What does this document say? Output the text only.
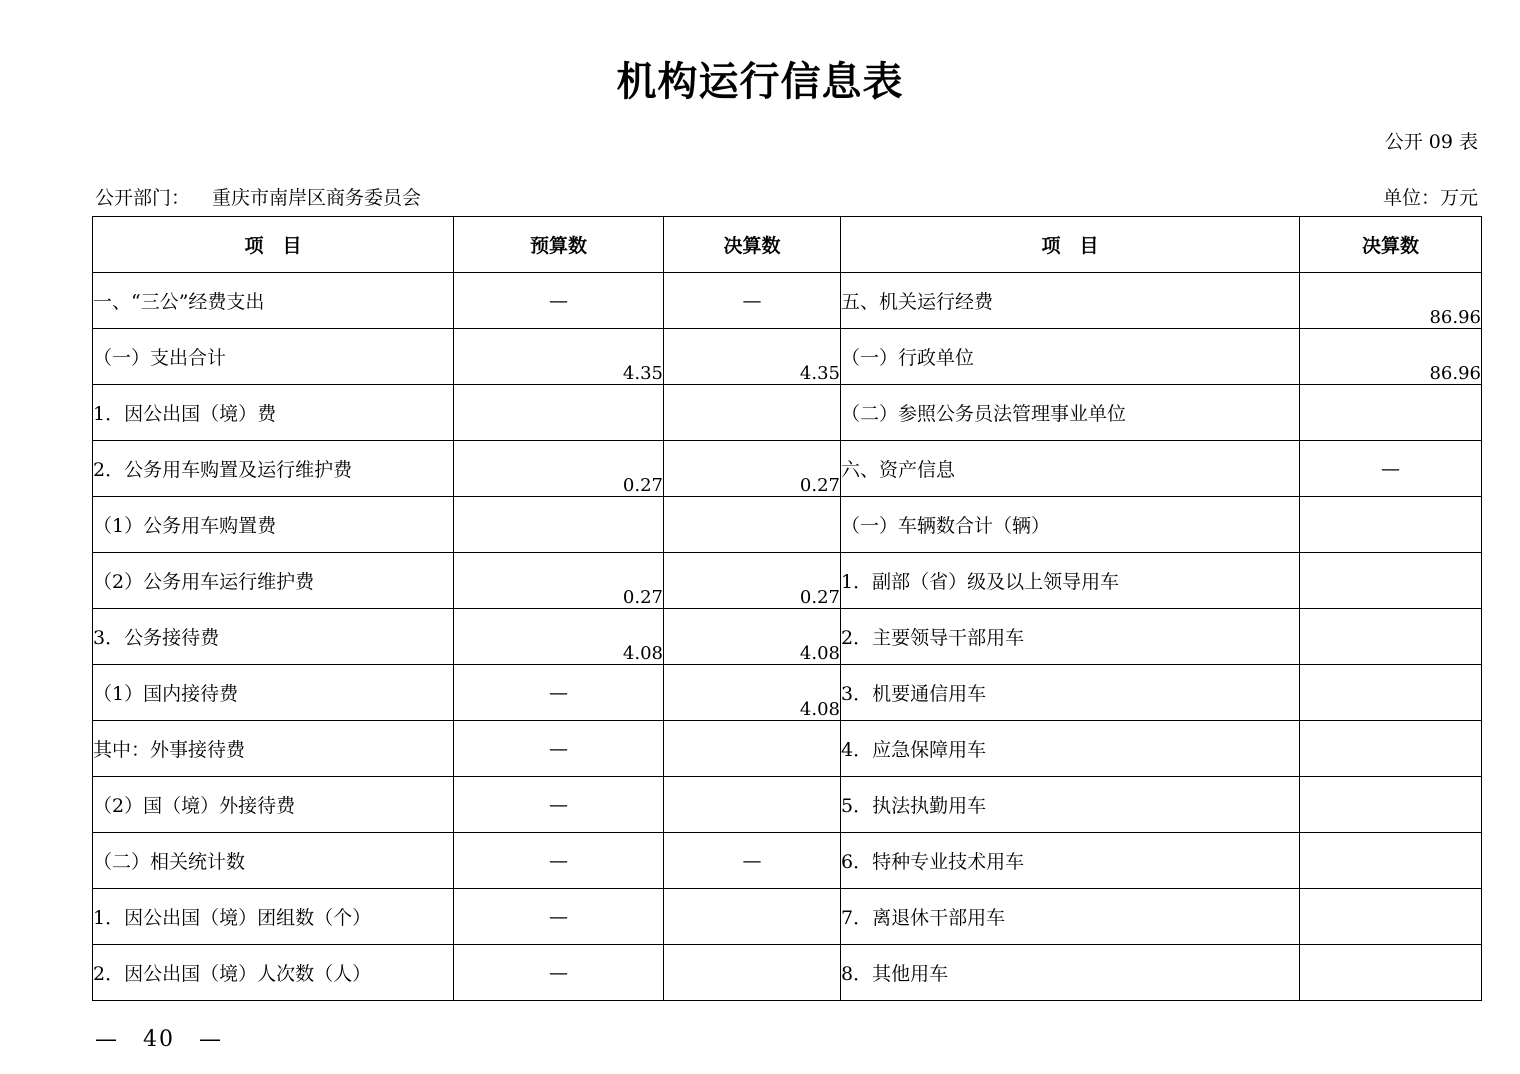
机构运行信息表
公开 09 表
公开部门： 重庆市南岸区商务委员会	单位：万元
项　目	预算数	决算数	项　目	决算数
一、“三公”经费支出	—	—	五、机关运行经费	86.96
（一）支出合计	4.35	4.35	（一）行政单位	86.96
1．因公出国（境）费			（二）参照公务员法管理事业单位	
2．公务用车购置及运行维护费	0.27	0.27	六、资产信息	—
（1）公务用车购置费			（一）车辆数合计（辆）	
（2）公务用车运行维护费	0.27	0.27	1．副部（省）级及以上领导用车	
3．公务接待费	4.08	4.08	2．主要领导干部用车	
（1）国内接待费	—	4.08	3．机要通信用车	
其中：外事接待费	—		4．应急保障用车	
（2）国（境）外接待费	—		5．执法执勤用车	
（二）相关统计数	—	—	6．特种专业技术用车	
1．因公出国（境）团组数（个）	—		7．离退休干部用车	
2．因公出国（境）人次数（人）	—		8．其他用车	
—　40　—
